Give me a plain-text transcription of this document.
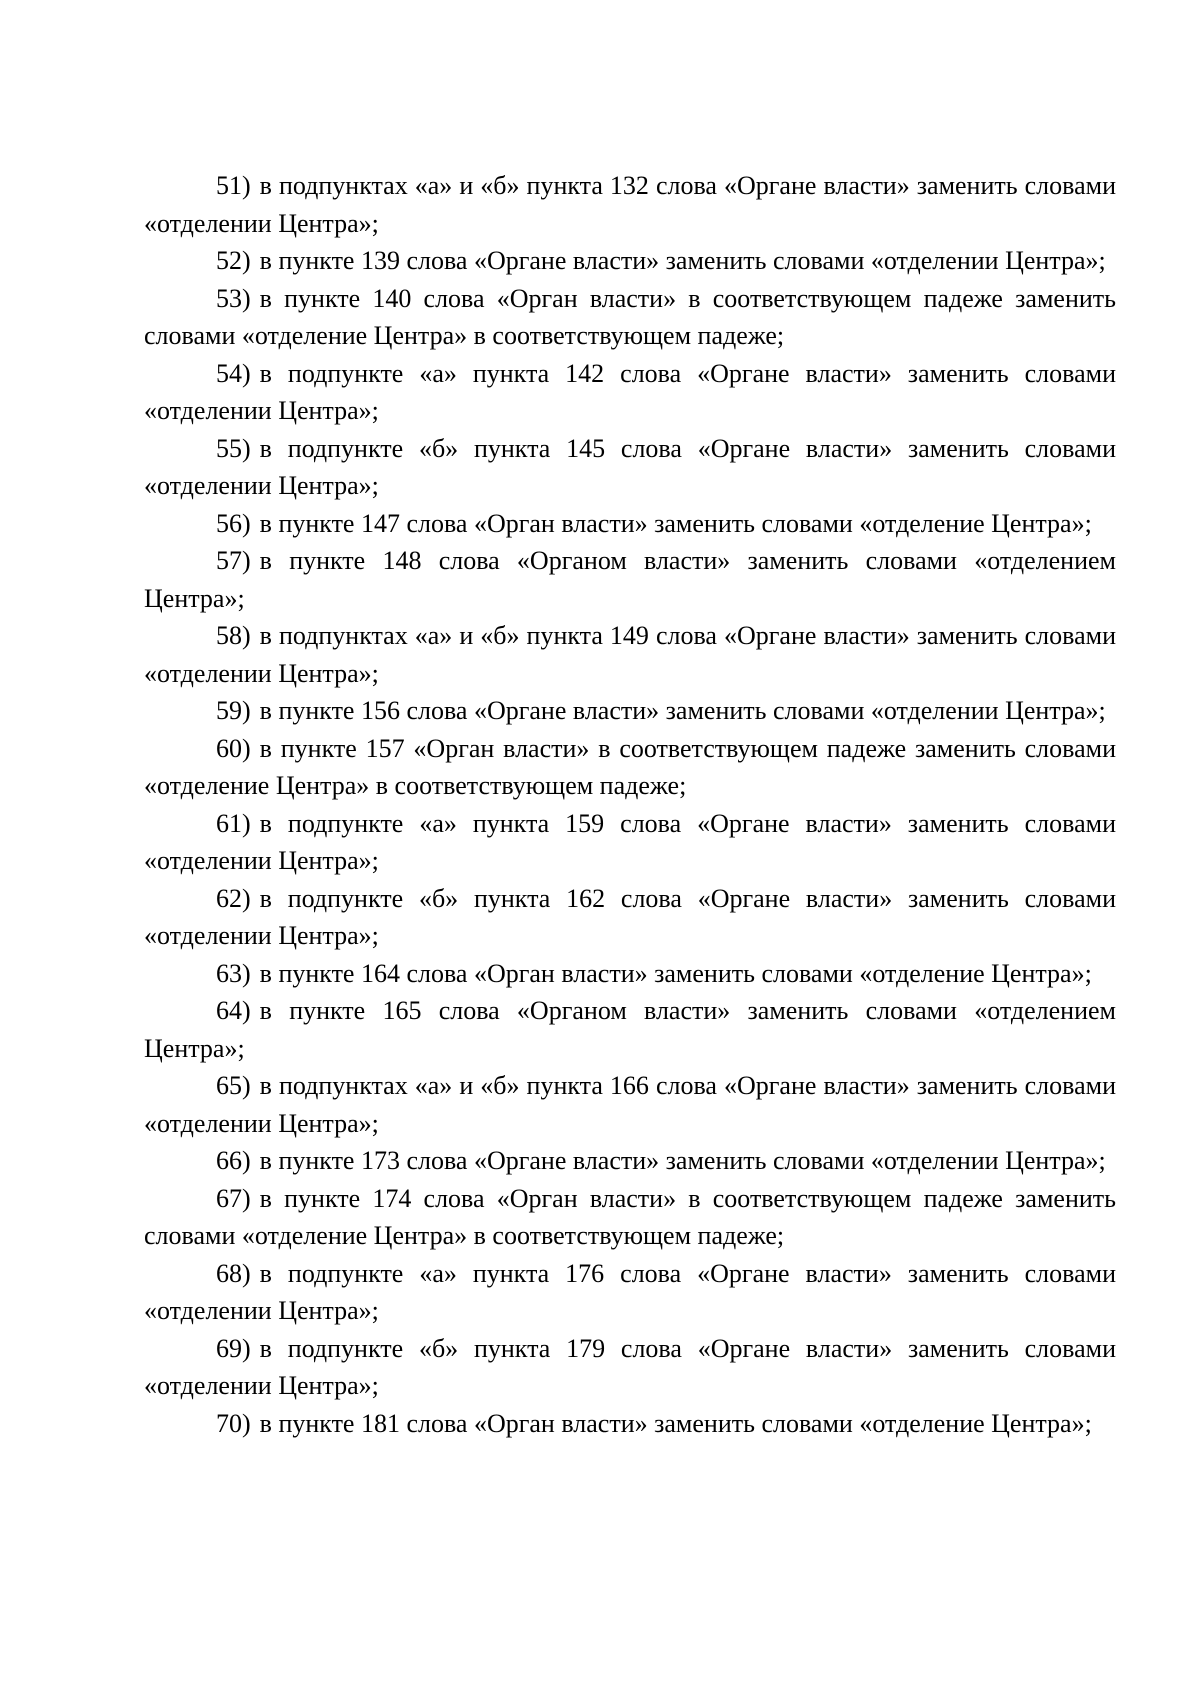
51) в подпунктах «а» и «б» пункта 132 слова «Органе власти» заменить словами «отделении Центра»;

52) в пункте 139 слова «Органе власти» заменить словами «отделении Центра»;

53) в пункте 140 слова «Орган власти» в соответствующем падеже заменить словами «отделение Центра» в соответствующем падеже;

54) в подпункте «а» пункта 142 слова «Органе власти» заменить словами «отделении Центра»;

55) в подпункте «б» пункта 145 слова «Органе власти» заменить словами «отделении Центра»;

56) в пункте 147 слова «Орган власти» заменить словами «отделение Центра»;

57) в пункте 148 слова «Органом власти» заменить словами «отделением Центра»;

58) в подпунктах «а» и «б» пункта 149 слова «Органе власти» заменить словами «отделении Центра»;

59) в пункте 156 слова «Органе власти» заменить словами «отделении Центра»;

60) в пункте 157 «Орган власти» в соответствующем падеже заменить словами «отделение Центра» в соответствующем падеже;

61) в подпункте «а» пункта 159 слова «Органе власти» заменить словами «отделении Центра»;

62) в подпункте «б» пункта 162 слова «Органе власти» заменить словами «отделении Центра»;

63) в пункте 164 слова «Орган власти» заменить словами «отделение Центра»;

64) в пункте 165 слова «Органом власти» заменить словами «отделением Центра»;

65) в подпунктах «а» и «б» пункта 166 слова «Органе власти» заменить словами «отделении Центра»;

66) в пункте 173 слова «Органе власти» заменить словами «отделении Центра»;

67) в пункте 174 слова «Орган власти» в соответствующем падеже заменить словами «отделение Центра» в соответствующем падеже;

68) в подпункте «а» пункта 176 слова «Органе власти» заменить словами «отделении Центра»;

69) в подпункте «б» пункта 179 слова «Органе власти» заменить словами «отделении Центра»;

70) в пункте 181 слова «Орган власти» заменить словами «отделение Центра»;
